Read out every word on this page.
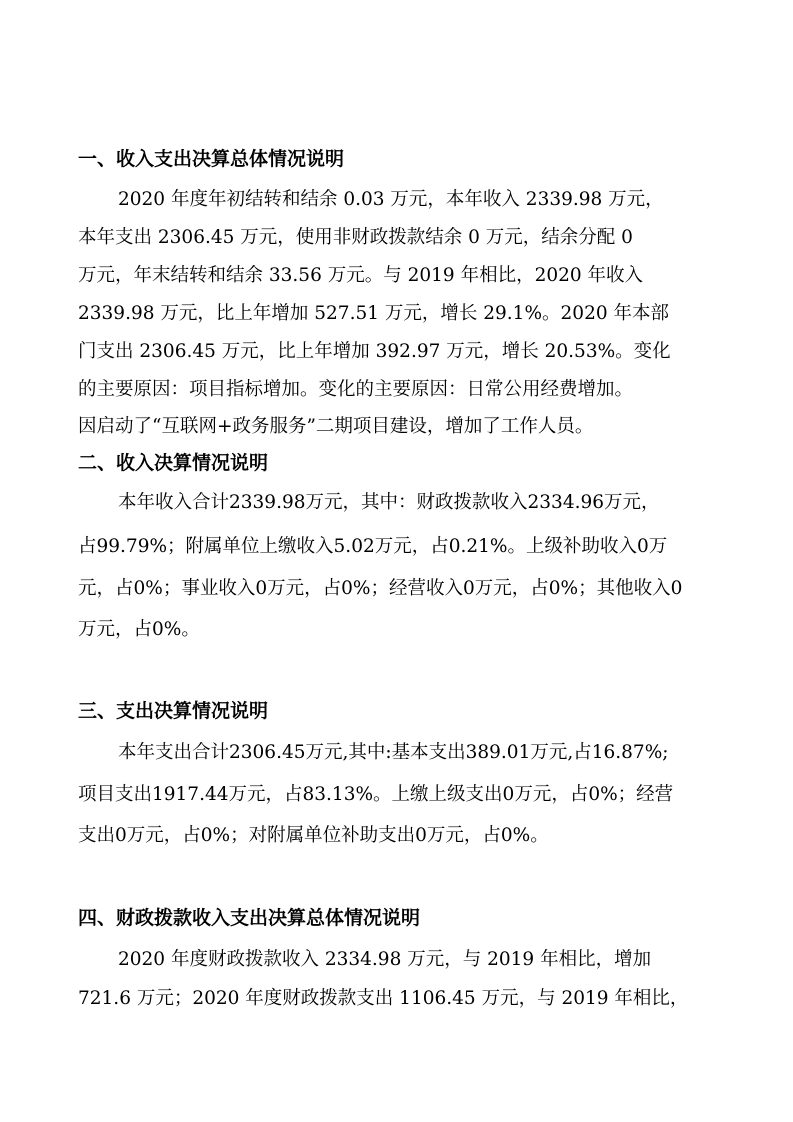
一、收入支出决算总体情况说明
2020 年度年初结转和结余 0.03 万元，本年收入 2339.98 万元，
本年支出 2306.45 万元，使用非财政拨款结余 0 万元，结余分配 0
万元，年末结转和结余 33.56 万元。与 2019 年相比，2020 年收入
2339.98 万元，比上年增加 527.51 万元，增长 29.1%。2020 年本部
门支出 2306.45 万元，比上年增加 392.97 万元，增长 20.53%。变化
的主要原因：项目指标增加。变化的主要原因：日常公用经费增加。
因启动了“互联网+政务服务”二期项目建设，增加了工作人员。
二、收入决算情况说明
本年收入合计2339.98万元，其中：财政拨款收入2334.96万元，
占99.79%；附属单位上缴收入5.02万元，占0.21%。上级补助收入0万
元，占0%；事业收入0万元，占0%；经营收入0万元，占0%；其他收入0
万元，占0%。
三、支出决算情况说明
本年支出合计2306.45万元,其中:基本支出389.01万元,占16.87%;
项目支出1917.44万元，占83.13%。上缴上级支出0万元，占0%；经营
支出0万元，占0%；对附属单位补助支出0万元，占0%。
四、财政拨款收入支出决算总体情况说明
2020 年度财政拨款收入 2334.98 万元，与 2019 年相比，增加
721.6 万元；2020 年度财政拨款支出 1106.45 万元，与 2019 年相比，
